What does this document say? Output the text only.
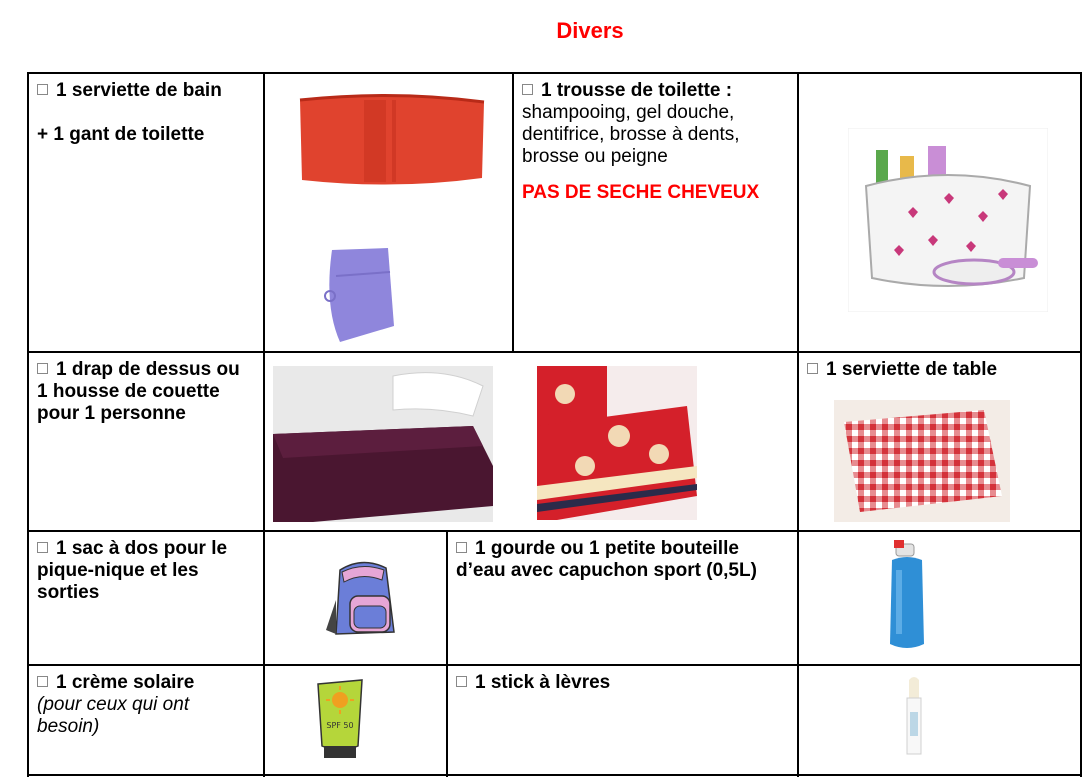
Divers
1 serviette de bain
+ 1 gant de toilette
1 trousse de toilette : shampooing, gel douche, dentifrice, brosse à dents, brosse ou peigne
PAS DE SECHE CHEVEUX
1 drap de dessus ou 1 housse de couette pour 1 personne
1 serviette de table
1 sac à dos pour le pique-nique et les sorties
1 gourde ou 1 petite bouteille d’eau avec capuchon sport (0,5L)
1 crème solaire
(pour ceux qui ont besoin)	SPF 50
1 stick à lèvres
